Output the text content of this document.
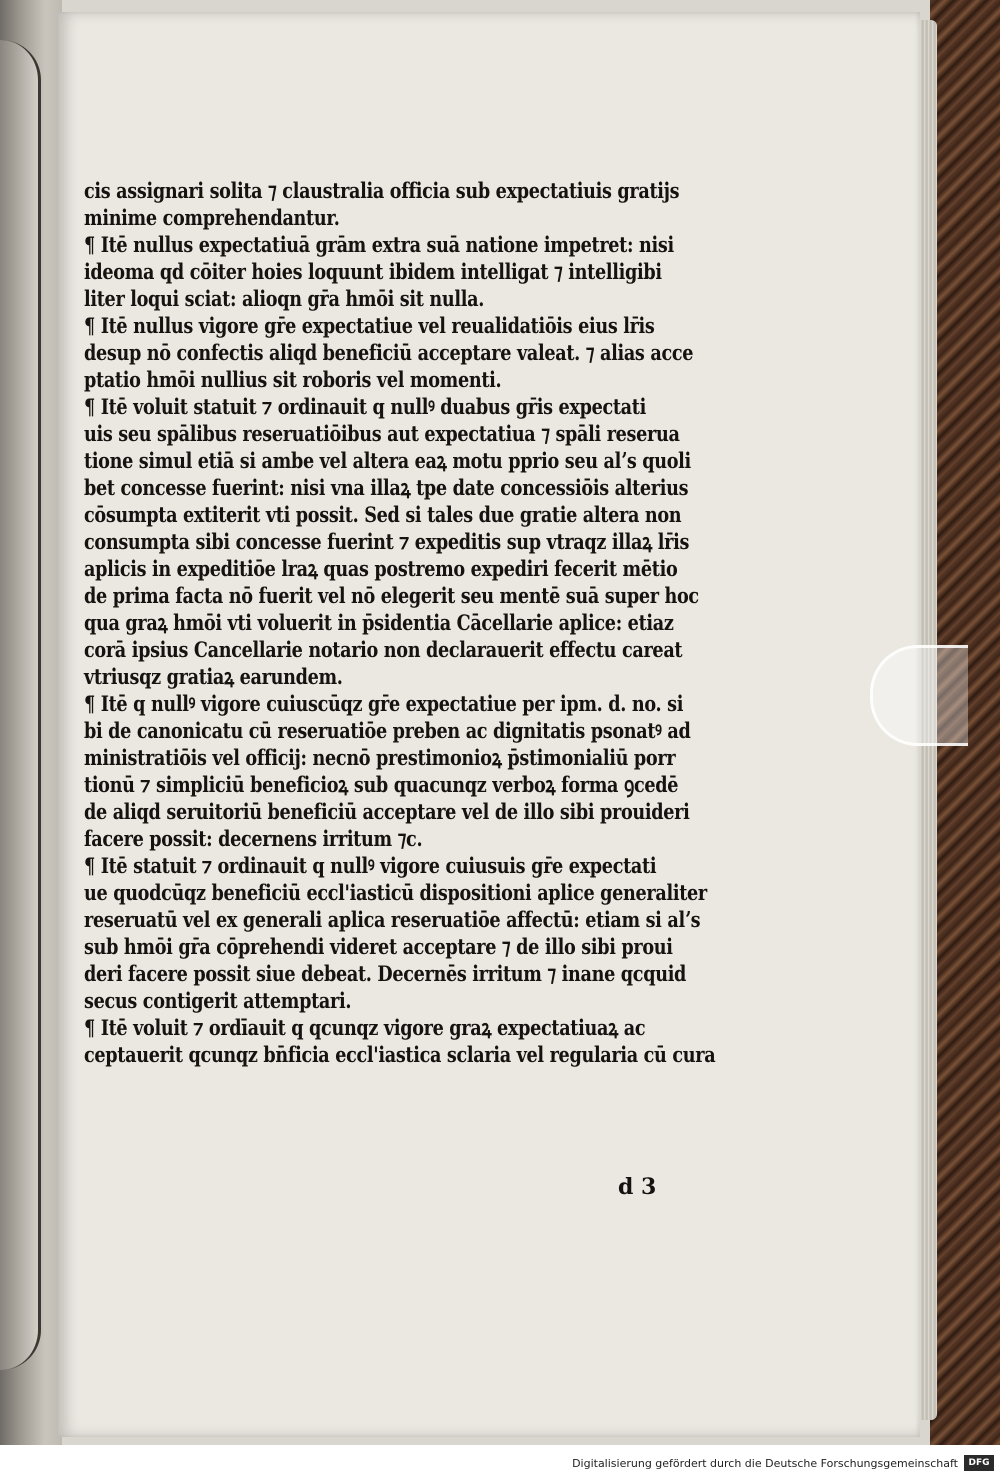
cis assignari solita ⁊ claustralia officia sub expectatiuis gratijs
minime comprehendantur.
¶ Itē nullus expectatiuā grām extra suā natione impetret: nisi
ideoma qd cōiter hoies loquunt ibidem intelligat ⁊ intelligibi
liter loqui sciat: alioqn gr̄a hmōi sit nulla.
¶ Itē nullus vigore gr̄e expectatiue vel reualidatiōis eius lr̄is
desup nō confectis aliqd beneficiū acceptare valeat. ⁊ alias acce
ptatio hmōi nullius sit roboris vel momenti.
¶ Itē voluit statuit ⁊ ordinauit q nullꝰ duabus gr̄is expectati
uis seu spālibus reseruatiōibus aut expectatiua ⁊ spāli reserua
tione simul etiā si ambe vel altera eaꝝ motu pprio seu alʼs quoli
bet concesse fuerint: nisi vna illaꝝ tpe date concessiōis alterius
cōsumpta extiterit vti possit. Sed si tales due gratie altera non
consumpta sibi concesse fuerint ⁊ expeditis sup vtraqz illaꝝ lr̄is
aplicis in expeditiōe lraꝝ quas postremo expediri fecerit mētio
de prima facta nō fuerit vel nō elegerit seu mentē suā super hoc
qua graꝝ hmōi vti voluerit in p̄sidentia Cācellarie aplice: etiaz
corā ipsius Cancellarie notario non declarauerit effectu careat
vtriusqz gratiaꝝ earundem.
¶ Itē q nullꝰ vigore cuiuscūqz gr̄e expectatiue per ipm. d. no. si
bi de canonicatu cū reseruatiōe preben ac dignitatis psonatꝰ ad
ministratiōis vel officij: necnō prestimonioꝝ p̄stimonialiū porr
tionū ⁊ simpliciū beneficioꝝ sub quacunqz verboꝝ forma ꝯcedē
de aliqd seruitoriū beneficiū acceptare vel de illo sibi prouideri
facere possit: decernens irritum ⁊c.
¶ Itē statuit ⁊ ordinauit q nullꝰ vigore cuiusuis gr̄e expectati
ue quodcūqz beneficiū eccl'iasticū dispositioni aplice generaliter
reseruatū vel ex generali aplica reseruatiōe affectū: etiam si alʼs
sub hmōi gr̄a cōprehendi videret acceptare ⁊ de illo sibi proui
deri facere possit siue debeat. Decernēs irritum ⁊ inane qcquid
secus contigerit attemptari.
¶ Itē voluit ⁊ ordīauit q qcunqz vigore graꝝ expectatiuaꝝ ac
ceptauerit qcunqz bn̄ficia eccl'iastica sclaria vel regularia cū cura
d 3
Digitalisierung gefördert durch die Deutsche Forschungsgemeinschaft	DFG
